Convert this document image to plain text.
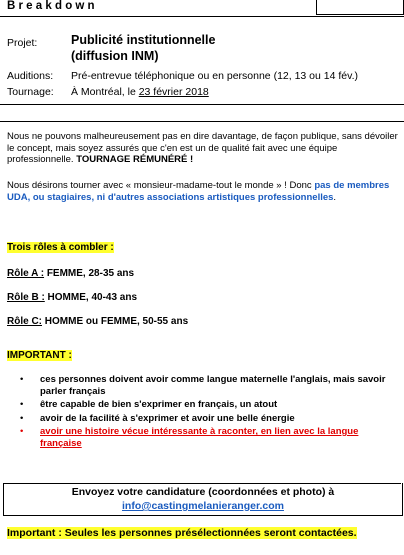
Breakdown
Projet:	Publicité institutionnelle
(diffusion INM)
Auditions: Pré-entrevue téléphonique ou en personne (12, 13 ou 14 fév.)
Tournage: À Montréal, le 23 février 2018
Nous ne pouvons malheureusement pas en dire davantage, de façon publique, sans dévoiler le concept, mais soyez assurés que c'en est un de qualité fait avec une équipe professionnelle. TOURNAGE RÉMUNÉRÉ !
Nous désirons tourner avec « monsieur-madame-tout le monde » ! Donc pas de membres UDA, ou stagiaires, ni d'autres associations artistiques professionnelles.
Trois rôles à combler :
Rôle A : FEMME, 28-35 ans
Rôle B : HOMME, 40-43 ans
Rôle C: HOMME ou FEMME, 50-55 ans
IMPORTANT :
• ces personnes doivent avoir comme langue maternelle l'anglais, mais savoir parler français
• être capable de bien s'exprimer en français, un atout
• avoir de la facilité à s'exprimer et avoir une belle énergie
• avoir une histoire vécue intéressante à raconter, en lien avec la langue française
Envoyez votre candidature (coordonnées et photo) à
info@castingmelanieranger.com
Important : Seules les personnes présélectionnées seront contactées.
